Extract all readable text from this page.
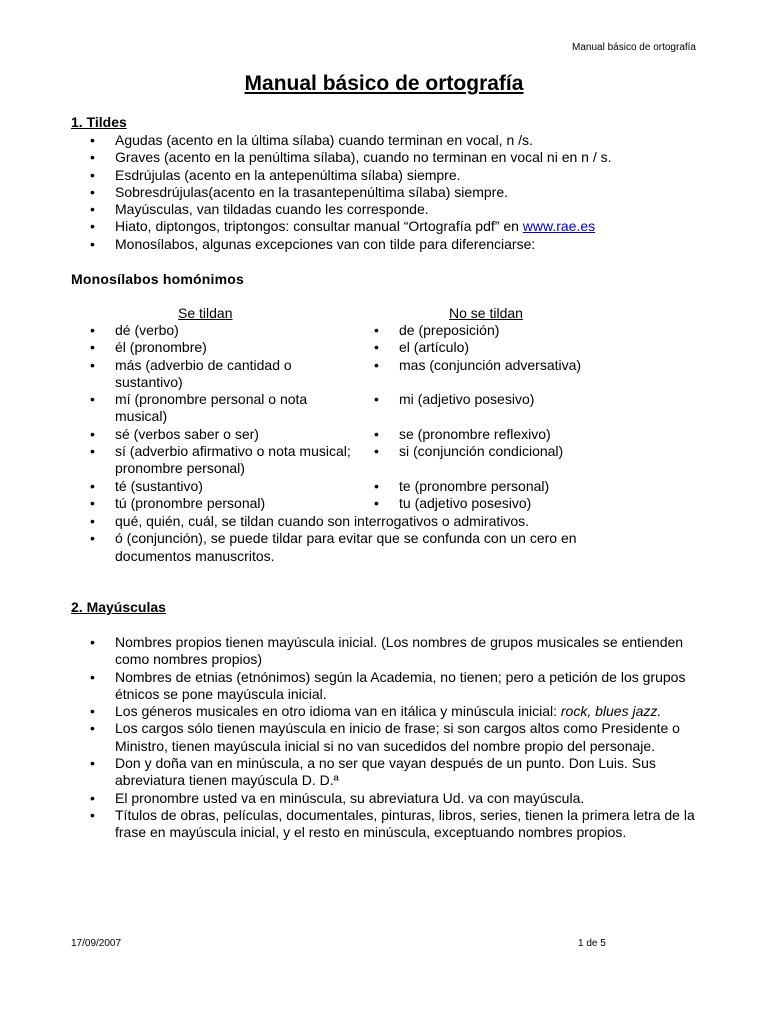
Manual básico de ortografía
Manual básico de ortografía
1. Tildes
• Agudas (acento en la última sílaba) cuando terminan en vocal, n /s.
• Graves (acento en la penúltima sílaba), cuando no terminan en vocal ni en n / s.
• Esdrújulas (acento en la antepenúltima sílaba) siempre.
• Sobresdrújulas(acento en la trasantepenúltima sílaba) siempre.
• Mayúsculas, van tildadas cuando les corresponde.
• Hiato, diptongos, triptongos: consultar manual “Ortografía pdf” en www.rae.es
• Monosílabos, algunas excepciones van con tilde para diferenciarse:
Monosílabos homónimos
Se tildan	No se tildan
• dé (verbo)
• él (pronombre)
• más (adverbio de cantidad o sustantivo)
• mí (pronombre personal o nota musical)
• sé (verbos saber o ser)
• sí (adverbio afirmativo o nota musical; pronombre personal)
• té (sustantivo)
• tú (pronombre personal)
• de (preposición)
• el (artículo)
• mas (conjunción adversativa)
• mi (adjetivo posesivo)
• se (pronombre reflexivo)
• si (conjunción condicional)
• te (pronombre personal)
• tu (adjetivo posesivo)
• qué, quién, cuál, se tildan cuando son interrogativos o admirativos.
• ó (conjunción), se puede tildar para evitar que se confunda con un cero en documentos manuscritos.
2. Mayúsculas
• Nombres propios tienen mayúscula inicial. (Los nombres de grupos musicales se entienden como nombres propios)
• Nombres de etnias (etnónimos) según la Academia, no tienen; pero a petición de los grupos étnicos se pone mayúscula inicial.
• Los géneros musicales en otro idioma van en itálica y minúscula inicial: rock, blues jazz.
• Los cargos sólo tienen mayúscula en inicio de frase; si son cargos altos como Presidente o Ministro, tienen mayúscula inicial si no van sucedidos del nombre propio del personaje.
• Don y doña van en minúscula, a no ser que vayan después de un punto. Don Luis. Sus abreviatura tienen mayúscula D. D.ª
• El pronombre usted va en minúscula, su abreviatura Ud. va con mayúscula.
• Títulos de obras, películas, documentales, pinturas, libros, series, tienen la primera letra de la frase en mayúscula inicial, y el resto en minúscula, exceptuando nombres propios.
17/09/2007	1 de 5
